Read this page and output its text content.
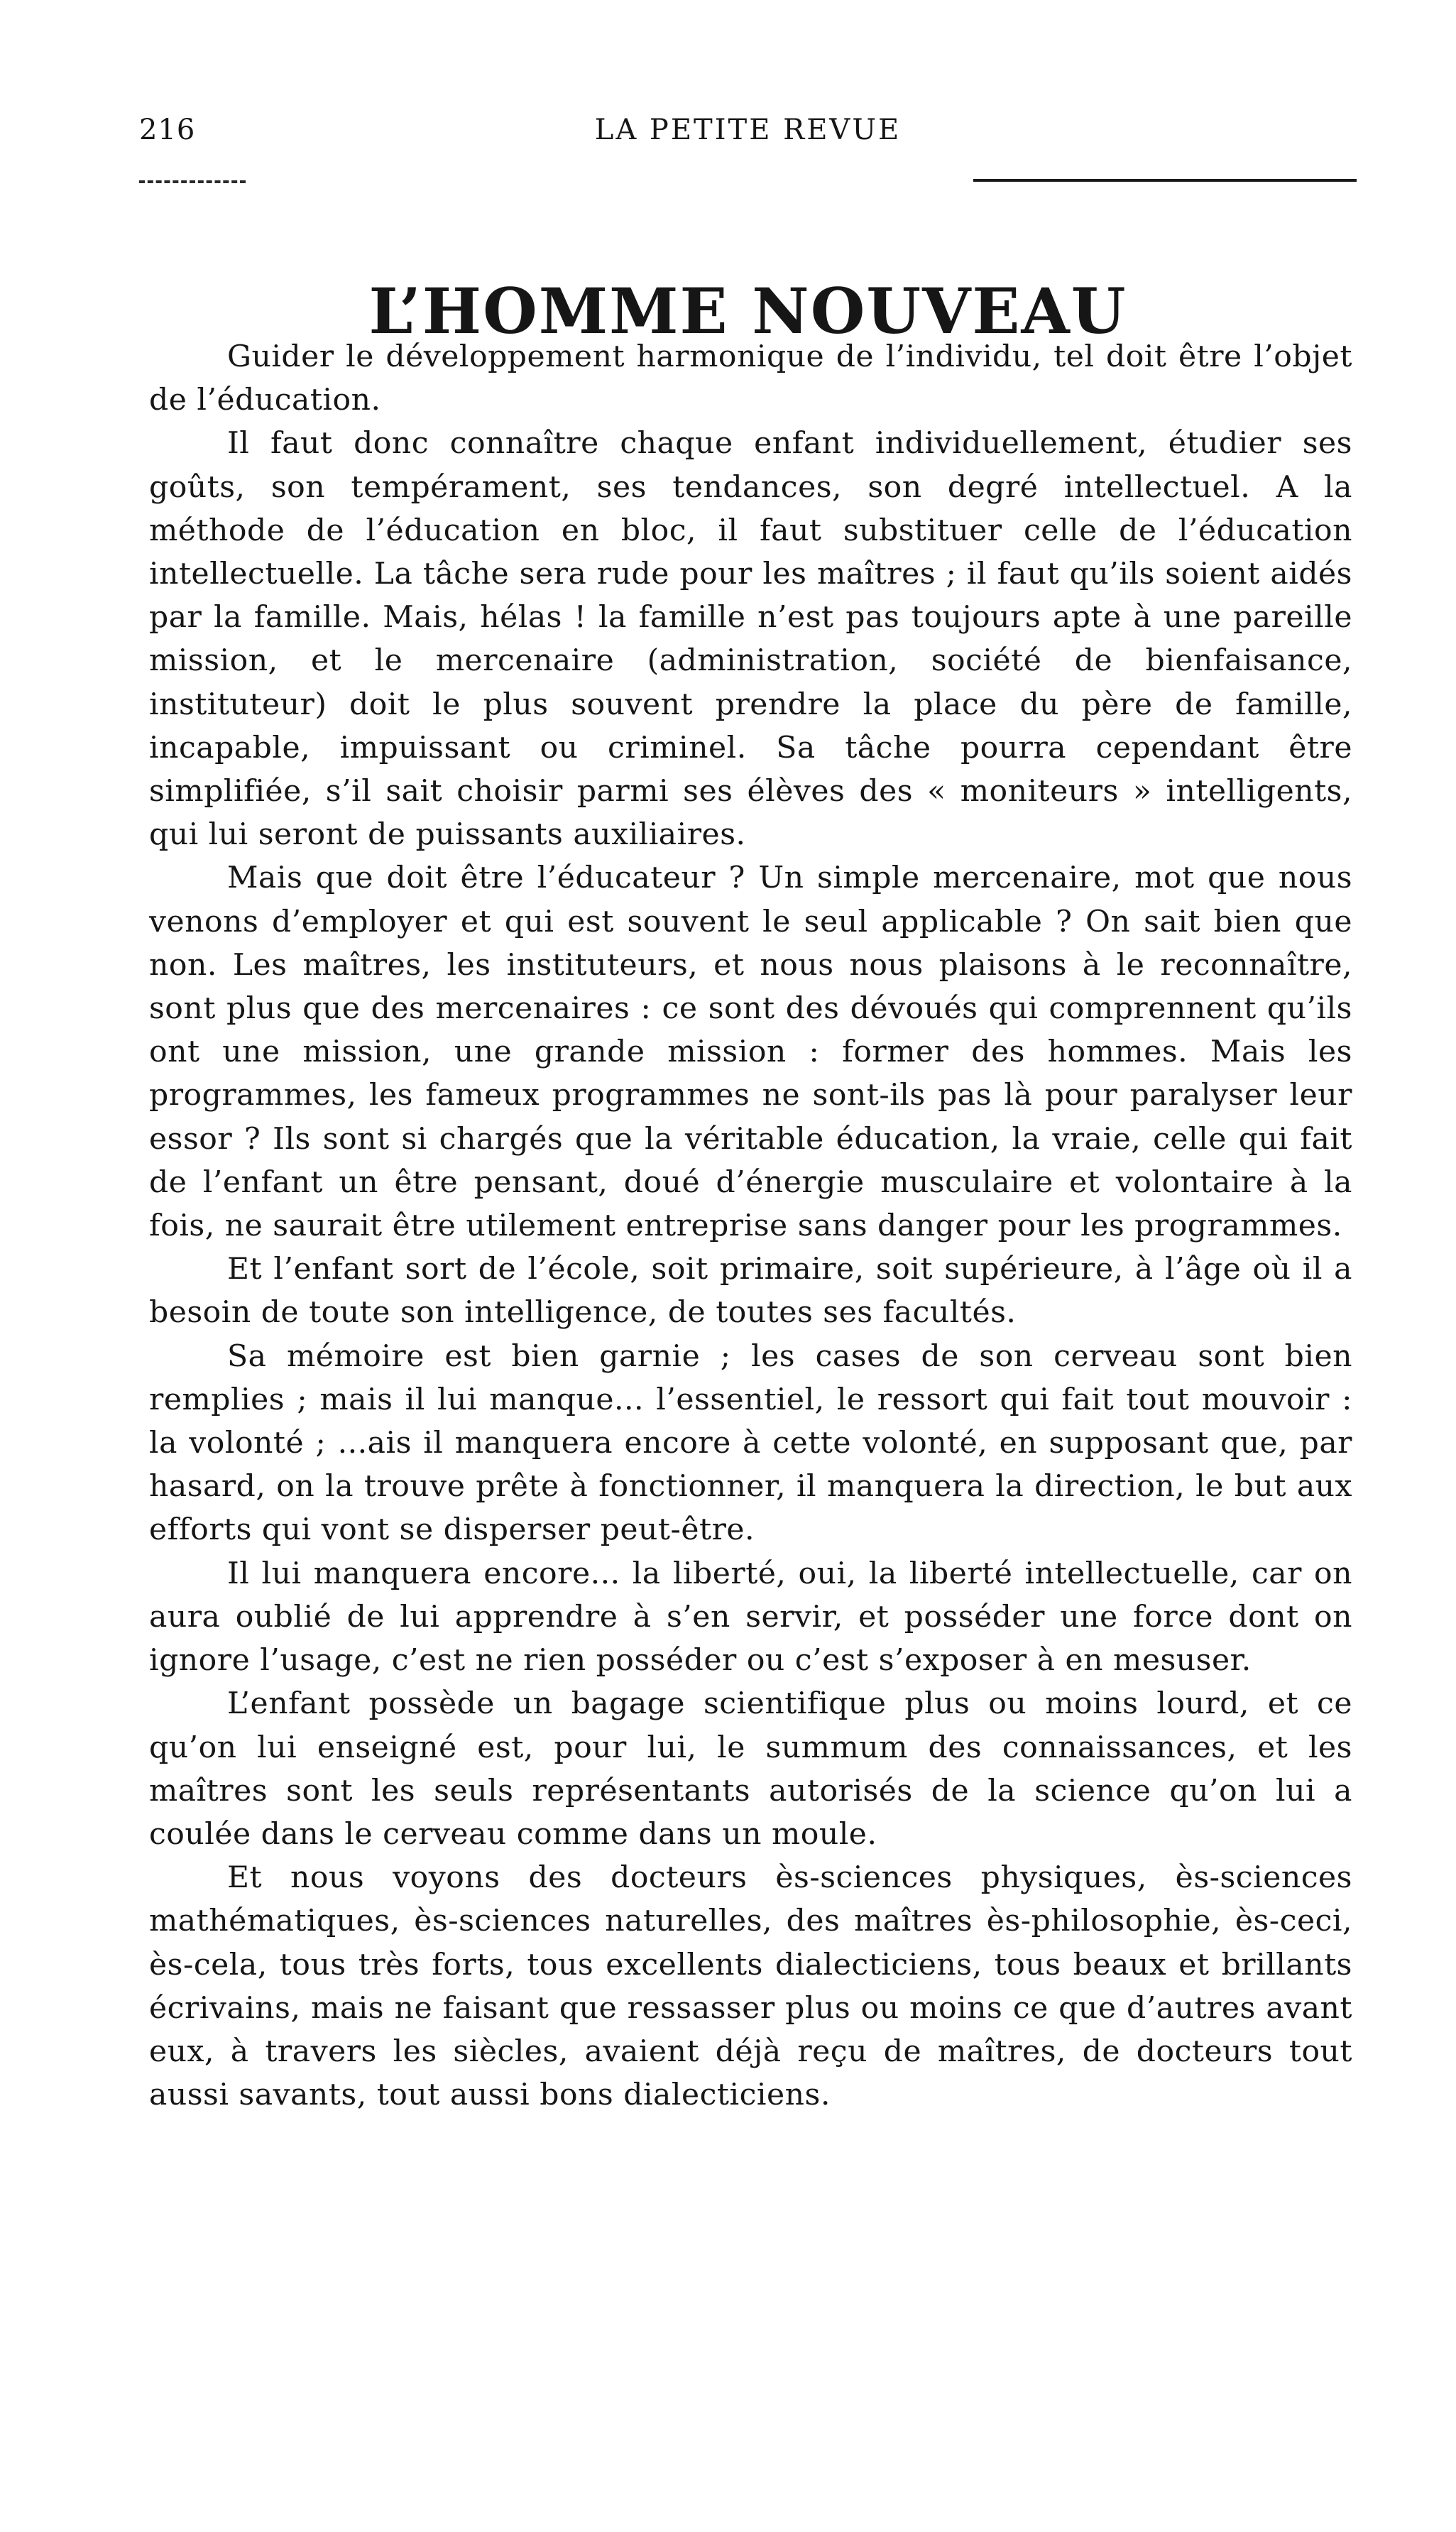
216	LA PETITE REVUE
L’HOMME NOUVEAU

Guider le développement harmonique de l’individu, tel doit être l’objet de l’éducation.

Il faut donc connaître chaque enfant individuellement, étudier ses goûts, son tempérament, ses tendances, son degré intellectuel. A la méthode de l’éducation en bloc, il faut substituer celle de l’éducation intellectuelle. La tâche sera rude pour les maîtres ; il faut qu’ils soient aidés par la famille. Mais, hélas ! la famille n’est pas toujours apte à une pareille mission, et le mercenaire (administration, société de bienfaisance, instituteur) doit le plus souvent prendre la place du père de famille, incapable, impuissant ou criminel. Sa tâche pourra cependant être simplifiée, s’il sait choisir parmi ses élèves des « moniteurs » intelligents, qui lui seront de puissants auxiliaires.

Mais que doit être l’éducateur ? Un simple mercenaire, mot que nous venons d’employer et qui est souvent le seul applicable ? On sait bien que non. Les maîtres, les instituteurs, et nous nous plaisons à le reconnaître, sont plus que des mercenaires : ce sont des dévoués qui comprennent qu’ils ont une mission, une grande mission : former des hommes. Mais les programmes, les fameux programmes ne sont-ils pas là pour paralyser leur essor ? Ils sont si chargés que la véritable éducation, la vraie, celle qui fait de l’enfant un être pensant, doué d’énergie musculaire et volontaire à la fois, ne saurait être utilement entreprise sans danger pour les programmes.

Et l’enfant sort de l’école, soit primaire, soit supérieure, à l’âge où il a besoin de toute son intelligence, de toutes ses facultés.

Sa mémoire est bien garnie ; les cases de son cerveau sont bien remplies ; mais il lui manque... l’essentiel, le ressort qui fait tout mouvoir : la volonté ; ...ais il manquera encore à cette volonté, en supposant que, par hasard, on la trouve prête à fonctionner, il manquera la direction, le but aux efforts qui vont se disperser peut-être.

Il lui manquera encore... la liberté, oui, la liberté intellectuelle, car on aura oublié de lui apprendre à s’en servir, et posséder une force dont on ignore l’usage, c’est ne rien posséder ou c’est s’exposer à en mesuser.

L’enfant possède un bagage scientifique plus ou moins lourd, et ce qu’on lui enseigné est, pour lui, le summum des connaissances, et les maîtres sont les seuls représentants autorisés de la science qu’on lui a coulée dans le cerveau comme dans un moule.

Et nous voyons des docteurs ès-sciences physiques, ès-sciences mathématiques, ès-sciences naturelles, des maîtres ès-philosophie, ès-ceci, ès-cela, tous très forts, tous excellents dialecticiens, tous beaux et brillants écrivains, mais ne faisant que ressasser plus ou moins ce que d’autres avant eux, à travers les siècles, avaient déjà reçu de maîtres, de docteurs tout aussi savants, tout aussi bons dialecticiens.
